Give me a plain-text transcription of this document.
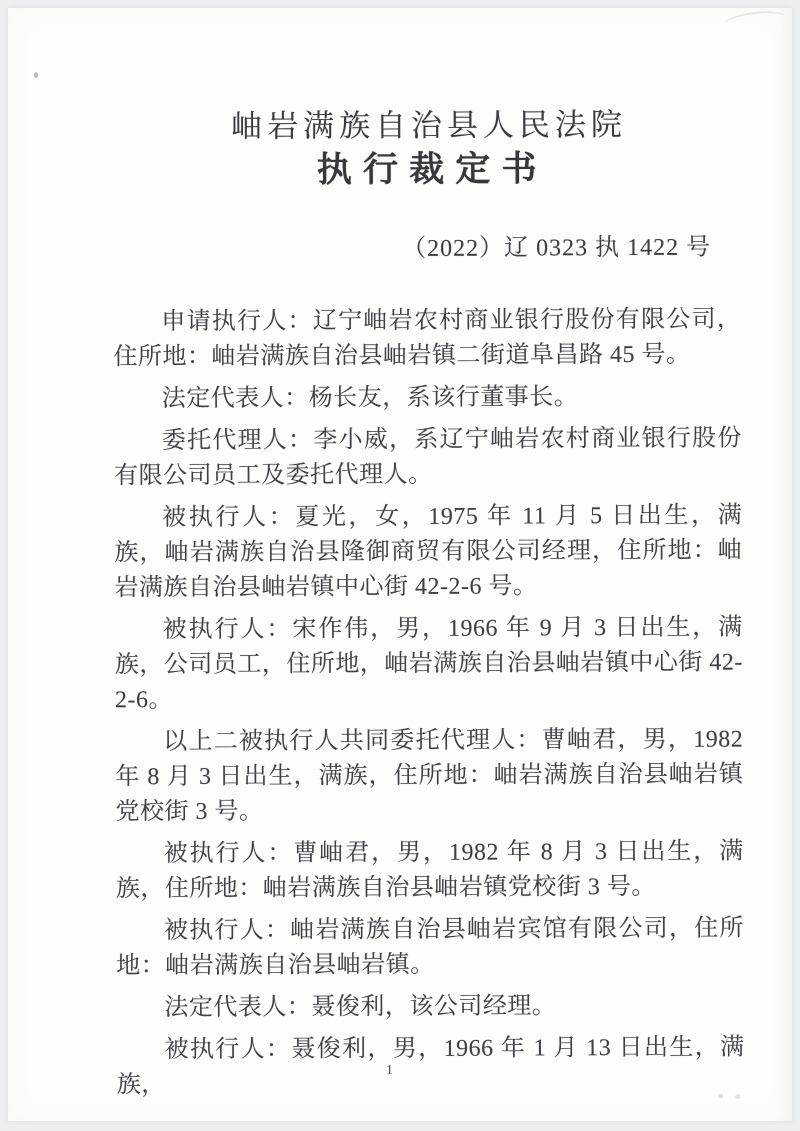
岫岩满族自治县人民法院
执行裁定书
（2022）辽 0323 执 1422 号

申请执行人：辽宁岫岩农村商业银行股份有限公司，住所地：岫岩满族自治县岫岩镇二街道阜昌路 45 号。

法定代表人：杨长友，系该行董事长。

委托代理人：李小威，系辽宁岫岩农村商业银行股份有限公司员工及委托代理人。

被执行人：夏光，女，1975 年 11 月 5 日出生，满族，岫岩满族自治县隆御商贸有限公司经理，住所地：岫岩满族自治县岫岩镇中心街 42-2-6 号。

被执行人：宋作伟，男，1966 年 9 月 3 日出生，满族，公司员工，住所地，岫岩满族自治县岫岩镇中心街 42-2-6。

以上二被执行人共同委托代理人：曹岫君，男，1982 年 8 月 3 日出生，满族，住所地：岫岩满族自治县岫岩镇党校街 3 号。

被执行人：曹岫君，男，1982 年 8 月 3 日出生，满族，住所地：岫岩满族自治县岫岩镇党校街 3 号。

被执行人：岫岩满族自治县岫岩宾馆有限公司，住所地：岫岩满族自治县岫岩镇。

法定代表人：聂俊利，该公司经理。

被执行人：聂俊利，男，1966 年 1 月 13 日出生，满族，

1
